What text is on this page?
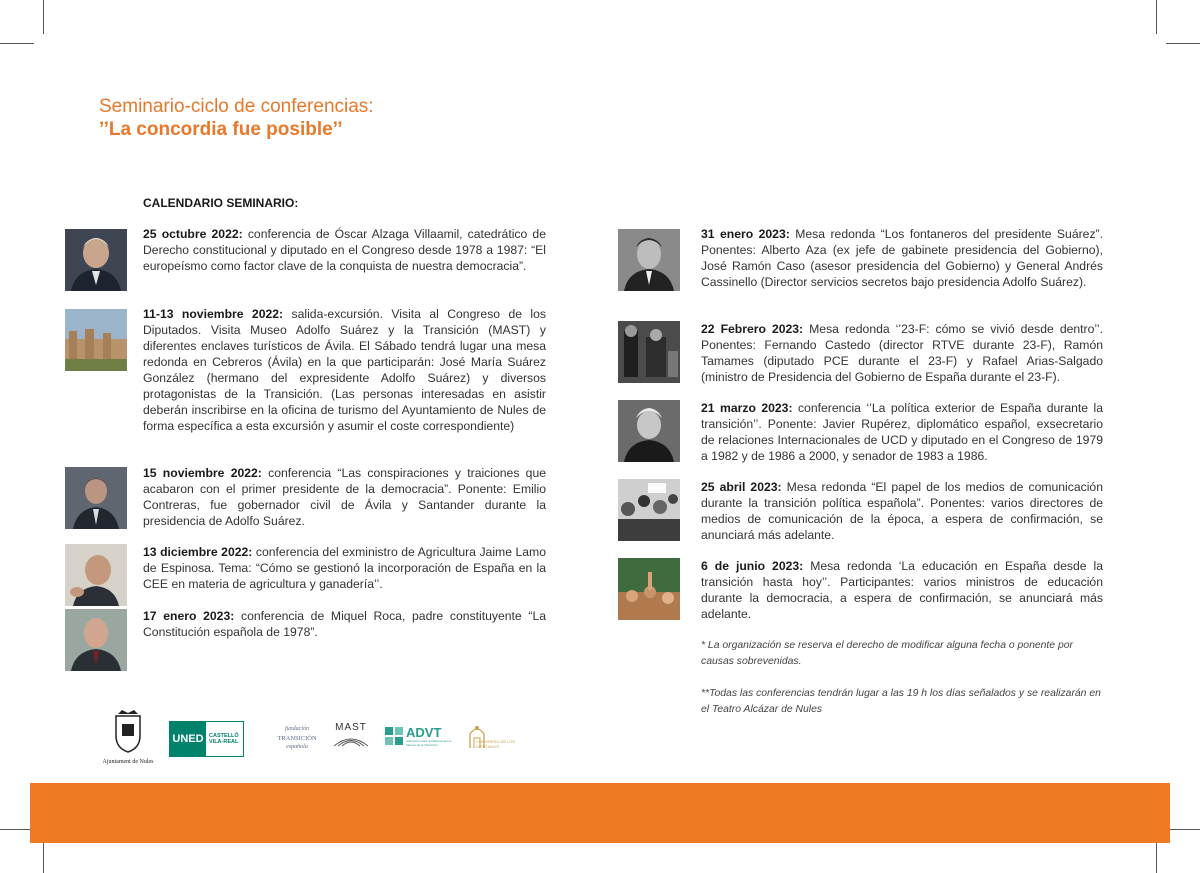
Seminario-ciclo de conferencias:
’’La concordia fue posible’’
CALENDARIO SEMINARIO:
25 octubre 2022: conferencia de Óscar Alzaga Villaamil, catedrático de Derecho constitucional y diputado en el Congreso desde 1978 a 1987: “El europeísmo como factor clave de la conquista de nuestra democracia”.
11-13 noviembre 2022: salida-excursión. Visita al Congreso de los Diputados. Visita Museo Adolfo Suárez y la Transición (MAST) y diferentes enclaves turísticos de Ávila. El Sábado tendrá lugar una mesa redonda en Cebreros (Ávila) en la que participarán: José María Suárez González (hermano del expresidente Adolfo Suárez) y diversos protagonistas de la Transición. (Las personas interesadas en asistir deberán inscribirse en la oficina de turismo del Ayuntamiento de Nules de forma específica a esta excursión y asumir el coste correspondiente)
15 noviembre 2022: conferencia “Las conspiraciones y traiciones que acabaron con el primer presidente de la democracia”. Ponente: Emilio Contreras, fue gobernador civil de Ávila y Santander durante la presidencia de Adolfo Suárez.
13 diciembre 2022: conferencia del exministro de Agricultura Jaime Lamo de Espinosa. Tema: “Cómo se gestionó la incorporación de España en la CEE en materia de agricultura y ganadería’’.
17 enero 2023: conferencia de Miquel Roca, padre constituyente “La Constitución española de 1978”.
31 enero 2023: Mesa redonda “Los fontaneros del presidente Suárez”. Ponentes: Alberto Aza (ex jefe de gabinete presidencia del Gobierno), José Ramón Caso (asesor presidencia del Gobierno) y General Andrés Cassinello (Director servicios secretos bajo presidencia Adolfo Suárez).
22 Febrero 2023: Mesa redonda ‘’23-F: cómo se vivió desde dentro’’. Ponentes: Fernando Castedo (director RTVE durante 23-F), Ramón Tamames (diputado PCE durante el 23-F) y Rafael Arias-Salgado (ministro de Presidencia del Gobierno de España durante el 23-F).
21 marzo 2023: conferencia ‘’La política exterior de España durante la transición’’. Ponente: Javier Rupérez, diplomático español, exsecretario de relaciones Internacionales de UCD y diputado en el Congreso de 1979 a 1982 y de 1986 a 2000, y senador de 1983 a 1986.
25 abril 2023: Mesa redonda “El papel de los medios de comunicación durante la transición política española”. Ponentes: varios directores de medios de comunicación de la época, a espera de confirmación, se anunciará más adelante.
6 de junio 2023: Mesa redonda ‘La educación en España desde la transición hasta hoy’’. Participantes: varios ministros de educación durante la democracia, a espera de confirmación, se anunciará más adelante.
* La organización se reserva el derecho de modificar alguna fecha o ponente por causas sobrevenidas.
**Todas las conferencias tendrán lugar a las 19 h los días señalados y se realizarán en el Teatro Alcázar de Nules
Ajuntament de Nules
UNED CASTELLÓ
VILA-REAL
fundación
TRANSICIÓN
española
MAST	ADVT
Asociación para la Defensa de los Valores de la Transición
CONGRESO DE LOS DIPUTADOS
